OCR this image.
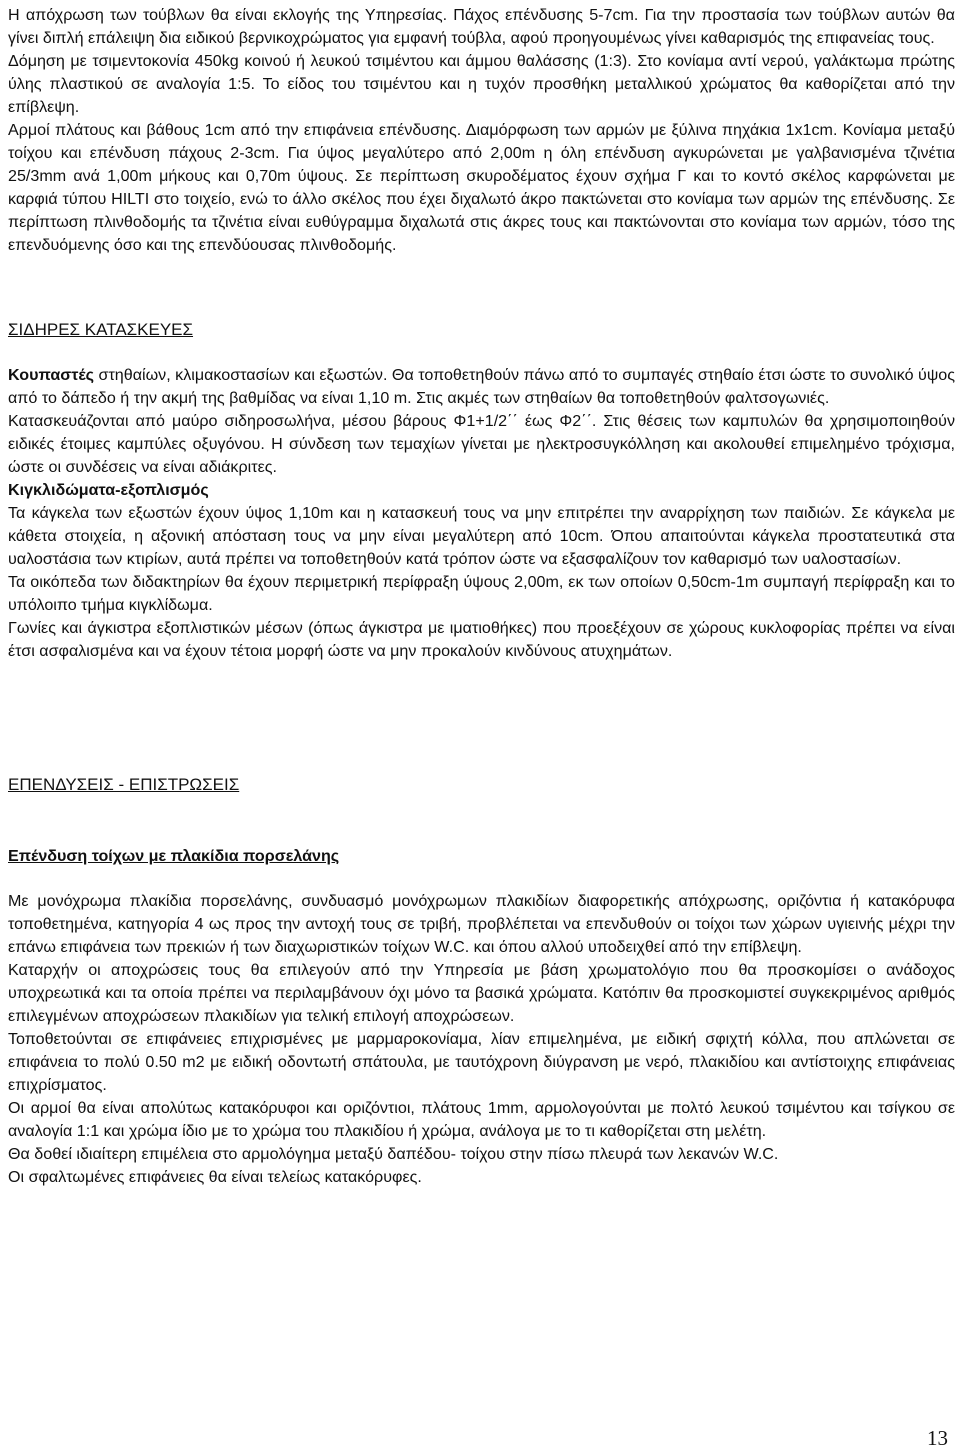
Η απόχρωση των τούβλων θα είναι εκλογής της Υπηρεσίας. Πάχος επένδυσης 5-7cm. Για την προστασία των τούβλων αυτών θα γίνει διπλή επάλειψη δια ειδικού βερνικοχρώματος για εμφανή τούβλα, αφού προηγουμένως γίνει καθαρισμός της επιφανείας τους.

Δόμηση με τσιμεντοκονία 450kg κοινού ή λευκού τσιμέντου και άμμου θαλάσσης (1:3). Στο κονίαμα αντί νερού, γαλάκτωμα πρώτης ύλης πλαστικού σε αναλογία 1:5. Το είδος του τσιμέντου και η τυχόν προσθήκη μεταλλικού χρώματος θα καθορίζεται από την επίβλεψη.

Αρμοί πλάτους και βάθους 1cm από την επιφάνεια επένδυσης. Διαμόρφωση των αρμών με ξύλινα πηχάκια 1x1cm. Κονίαμα μεταξύ τοίχου και επένδυση πάχους 2-3cm. Για ύψος μεγαλύτερο από 2,00m η όλη επένδυση αγκυρώνεται με γαλβανισμένα τζινέτια 25/3mm ανά 1,00m μήκους και 0,70m ύψους. Σε περίπτωση σκυροδέματος έχουν σχήμα Γ και το κοντό σκέλος καρφώνεται με καρφιά τύπου HILTI στο τοιχείο, ενώ το άλλο σκέλος που έχει διχαλωτό άκρο πακτώνεται στο κονίαμα των αρμών της επένδυσης. Σε περίπτωση πλινθοδομής τα τζινέτια είναι ευθύγραμμα διχαλωτά στις άκρες τους και πακτώνονται στο κονίαμα των αρμών, τόσο της επενδυόμενης όσο και της επενδύουσας πλινθοδομής.

ΣΙΔΗΡΕΣ ΚΑΤΑΣΚΕΥΕΣ

Κουπαστές στηθαίων, κλιμακοστασίων και εξωστών. Θα τοποθετηθούν πάνω από το συμπαγές στηθαίο έτσι ώστε το συνολικό ύψος από το δάπεδο ή την ακμή της βαθμίδας να είναι 1,10 m. Στις ακμές των στηθαίων θα τοποθετηθούν φαλτσογωνιές.

Κατασκευάζονται από μαύρο σιδηροσωλήνα, μέσου βάρους Φ1+1/2΄΄ έως Φ2΄΄. Στις θέσεις των καμπυλών θα χρησιμοποιηθούν ειδικές έτοιμες καμπύλες οξυγόνου. Η σύνδεση των τεμαχίων γίνεται με ηλεκτροσυγκόλληση και ακολουθεί επιμελημένο τρόχισμα, ώστε οι συνδέσεις να είναι αδιάκριτες.

Κιγκλιδώματα-εξοπλισμός

Τα κάγκελα των εξωστών έχουν ύψος 1,10m και η κατασκευή τους να μην επιτρέπει την αναρρίχηση των παιδιών. Σε κάγκελα με κάθετα στοιχεία, η αξονική απόσταση τους να μην είναι μεγαλύτερη από 10cm. Όπου απαιτούνται κάγκελα προστατευτικά στα υαλοστάσια των κτιρίων, αυτά πρέπει να τοποθετηθούν κατά τρόπον ώστε να εξασφαλίζουν τον καθαρισμό των υαλοστασίων.

Τα οικόπεδα των διδακτηρίων θα έχουν περιμετρική περίφραξη ύψους 2,00m, εκ των οποίων 0,50cm-1m συμπαγή περίφραξη και το υπόλοιπο τμήμα κιγκλίδωμα.

Γωνίες και άγκιστρα εξοπλιστικών μέσων (όπως άγκιστρα με ιματιοθήκες) που προεξέχουν σε χώρους κυκλοφορίας πρέπει να είναι έτσι ασφαλισμένα και να έχουν τέτοια μορφή ώστε να μην προκαλούν κινδύνους ατυχημάτων.

ΕΠΕΝΔΥΣΕΙΣ - ΕΠΙΣΤΡΩΣΕΙΣ

Επένδυση τοίχων με πλακίδια πορσελάνης

Με μονόχρωμα πλακίδια πορσελάνης, συνδυασμό μονόχρωμων πλακιδίων διαφορετικής απόχρωσης, οριζόντια ή κατακόρυφα τοποθετημένα, κατηγορία 4 ως προς την αντοχή τους σε τριβή, προβλέπεται να επενδυθούν οι τοίχοι των χώρων υγιεινής μέχρι την επάνω επιφάνεια των πρεκιών ή των διαχωριστικών τοίχων W.C. και όπου αλλού υποδειχθεί από την επίβλεψη.

Καταρχήν οι αποχρώσεις τους θα επιλεγούν από την Υπηρεσία με βάση χρωματολόγιο που θα προσκομίσει ο ανάδοχος υποχρεωτικά και τα οποία πρέπει να περιλαμβάνουν όχι μόνο τα βασικά χρώματα. Κατόπιν θα προσκομιστεί συγκεκριμένος αριθμός επιλεγμένων αποχρώσεων πλακιδίων για τελική επιλογή αποχρώσεων.

Τοποθετούνται σε επιφάνειες επιχρισμένες με μαρμαροκονίαμα, λίαν επιμελημένα, με ειδική σφιχτή κόλλα, που απλώνεται σε επιφάνεια το πολύ 0.50 m2 με ειδική οδοντωτή σπάτουλα, με ταυτόχρονη διύγρανση με νερό, πλακιδίου και αντίστοιχης επιφάνειας επιχρίσματος.

Οι αρμοί θα είναι απολύτως κατακόρυφοι και οριζόντιοι, πλάτους 1mm, αρμολογούνται με πολτό λευκού τσιμέντου και τσίγκου σε αναλογία 1:1 και χρώμα ίδιο με το χρώμα του πλακιδίου ή χρώμα, ανάλογα με το τι καθορίζεται στη μελέτη.

Θα δοθεί ιδιαίτερη επιμέλεια στο αρμολόγημα μεταξύ δαπέδου- τοίχου στην πίσω πλευρά των λεκανών W.C.

Οι σφαλτωμένες επιφάνειες θα είναι τελείως κατακόρυφες.

13
